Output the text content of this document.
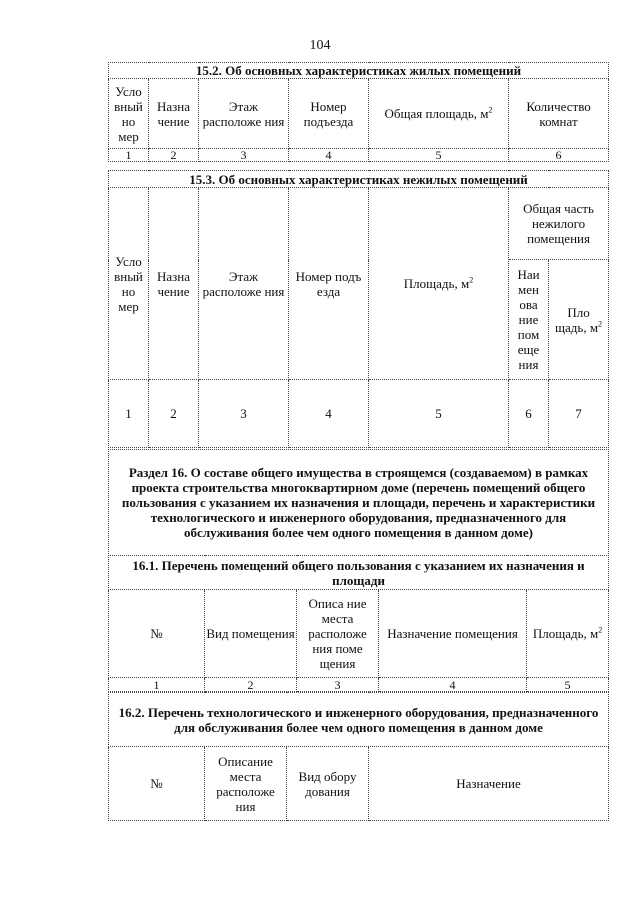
104
15.2. Об основных характеристиках жилых помещений					
Усло вный но мер	Назна чение	Этаж расположе ния	Номер подъезда	Общая площадь, $м^2$	Количество комнат
1	2	3	4	5	6
15.3. Об основных характеристиках нежилых помещений						
Усло вный но мер	Назна чение	Этаж расположе ния	Номер подъ езда	Площадь, $м^2$	Общая часть нежилого помещения	
					Наи мен ова ние пом еще ния	Пло щадь, $м^2$
1	2	3	4	5	6	7
Раздел 16. О составе общего имущества в строящемся (создаваемом) в рамках проекта строительства многоквартирном доме (перечень помещений общего пользования с указанием их назначения и площади, перечень и характеристики технологического и инженерного оборудования, предназначенного для обслуживания более чем одного помещения в данном доме)
16.1. Перечень помещений общего пользования с указанием их назначения и площади				
№	Вид помещения	Описа ние места расположе ния поме щения	Назначение помещения	Площадь, $м^2$
1	2	3	4	5
16.2. Перечень технологического и инженерного оборудования, предназначенного для обслуживания более чем одного помещения в данном доме
№	Описание места расположе ния	Вид обору дования	Назначение
